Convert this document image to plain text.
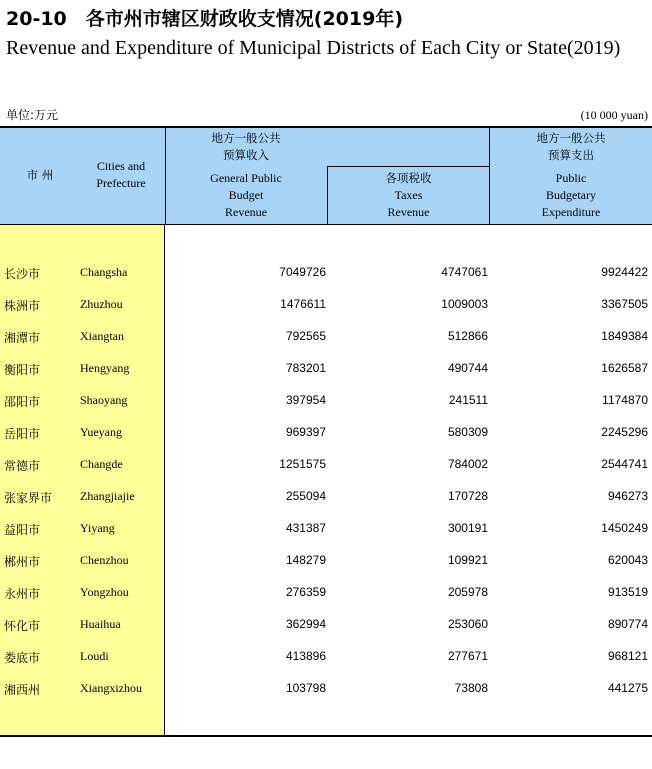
20-10　各市州市辖区财政收支情况(2019年)
Revenue and Expenditure of Municipal Districts of Each City or State(2019)
单位:万元	(10 000 yuan)
市 州
Cities and
Prefecture
地方一般公共
预算收入
General Public
Budget
Revenue
各项税收
Taxes
Revenue
地方一般公共
预算支出
Public
Budgetary
Expenditure
长沙市	Changsha	7049726	4747061	9924422
株洲市	Zhuzhou	1476611	1009003	3367505
湘潭市	Xiangtan	792565	512866	1849384
衡阳市	Hengyang	783201	490744	1626587
邵阳市	Shaoyang	397954	241511	1174870
岳阳市	Yueyang	969397	580309	2245296
常德市	Changde	1251575	784002	2544741
张家界市 Zhangjiajie	255094	170728	946273
益阳市	Yiyang	431387	300191	1450249
郴州市	Chenzhou	148279	109921	620043
永州市	Yongzhou	276359	205978	913519
怀化市	Huaihua	362994	253060	890774
娄底市	Loudi	413896	277671	968121
湘西州	Xiangxizhou	103798	73808	441275
